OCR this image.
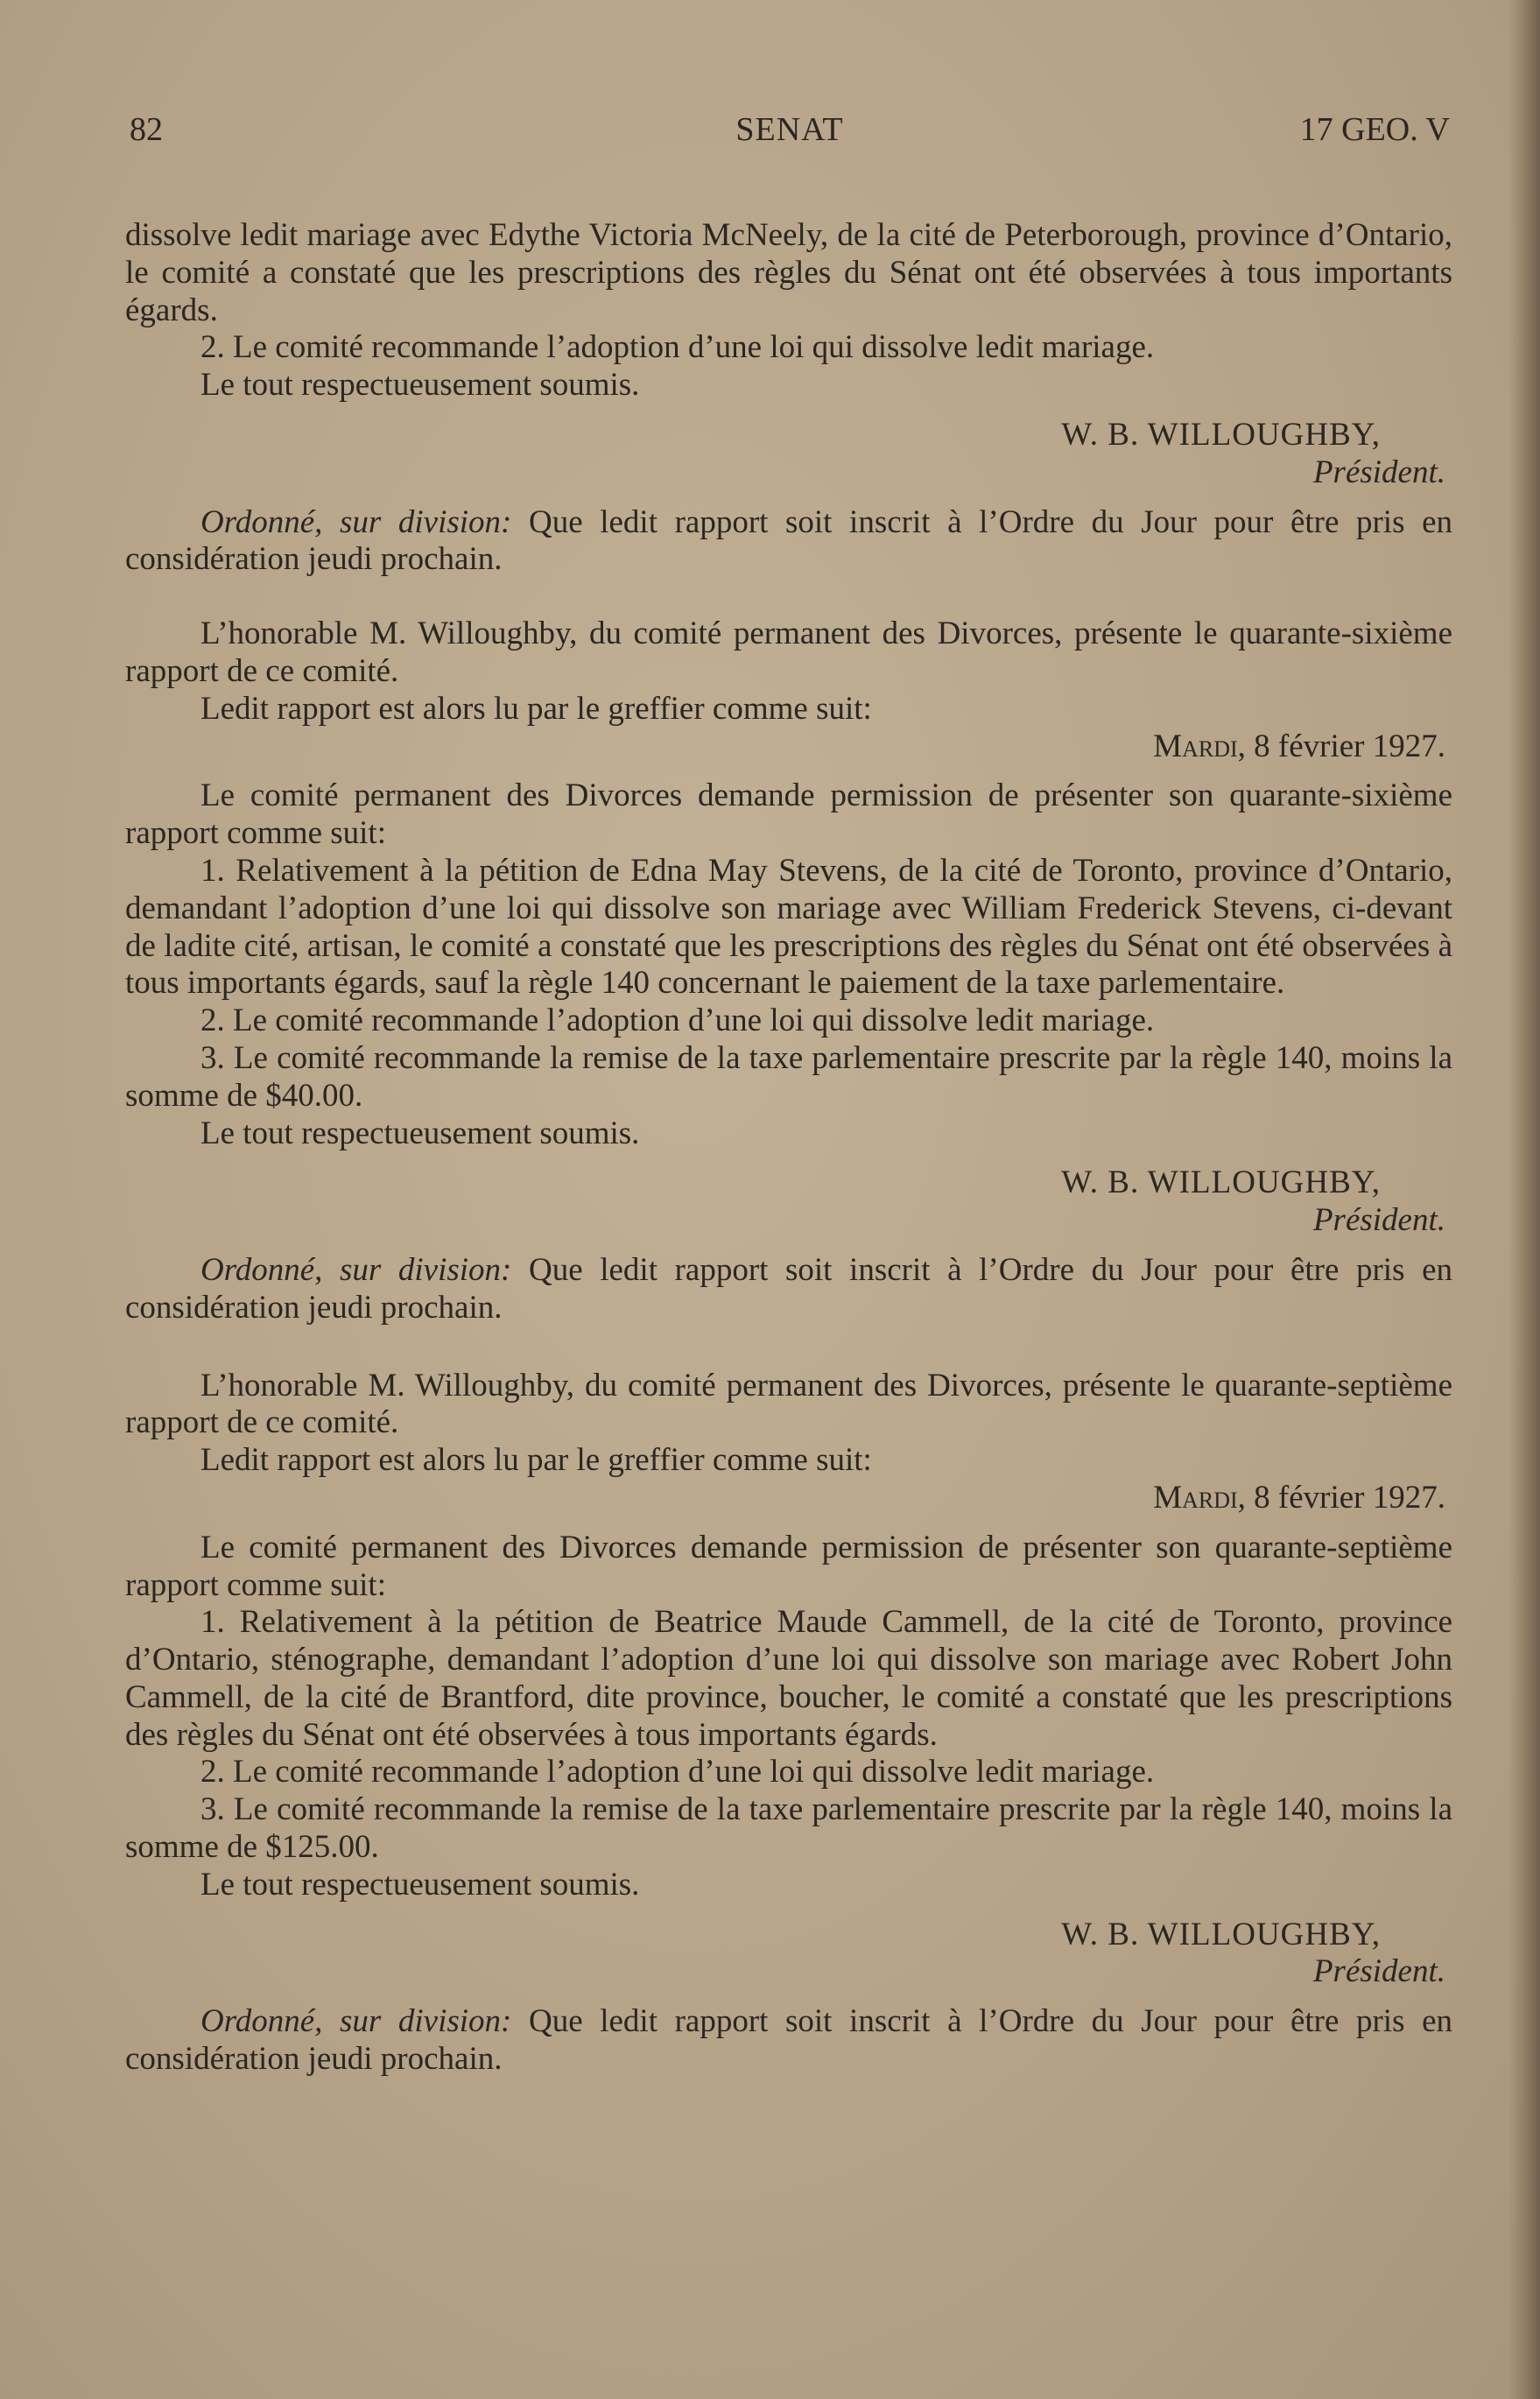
82	SENAT	17 GEO. V

dissolve ledit mariage avec Edythe Victoria McNeely, de la cité de Peterborough, province d’Ontario, le comité a constaté que les prescriptions des règles du Sénat ont été observées à tous importants égards.

2. Le comité recommande l’adoption d’une loi qui dissolve ledit mariage.

Le tout respectueusement soumis.

W. B. WILLOUGHBY,

Président.

Ordonné, sur division: Que ledit rapport soit inscrit à l’Ordre du Jour pour être pris en considération jeudi prochain.

L’honorable M. Willoughby, du comité permanent des Divorces, présente le quarante-sixième rapport de ce comité.

Ledit rapport est alors lu par le greffier comme suit:

Mardi, 8 février 1927.

Le comité permanent des Divorces demande permission de présenter son quarante-sixième rapport comme suit:

1. Relativement à la pétition de Edna May Stevens, de la cité de Toronto, province d’Ontario, demandant l’adoption d’une loi qui dissolve son mariage avec William Frederick Stevens, ci-devant de ladite cité, artisan, le comité a constaté que les prescriptions des règles du Sénat ont été observées à tous importants égards, sauf la règle 140 concernant le paiement de la taxe parlementaire.

2. Le comité recommande l’adoption d’une loi qui dissolve ledit mariage.

3. Le comité recommande la remise de la taxe parlementaire prescrite par la règle 140, moins la somme de $40.00.

Le tout respectueusement soumis.

W. B. WILLOUGHBY,

Président.

Ordonné, sur division: Que ledit rapport soit inscrit à l’Ordre du Jour pour être pris en considération jeudi prochain.

L’honorable M. Willoughby, du comité permanent des Divorces, présente le quarante-septième rapport de ce comité.

Ledit rapport est alors lu par le greffier comme suit:

Mardi, 8 février 1927.

Le comité permanent des Divorces demande permission de présenter son quarante-septième rapport comme suit:

1. Relativement à la pétition de Beatrice Maude Cammell, de la cité de Toronto, province d’Ontario, sténographe, demandant l’adoption d’une loi qui dissolve son mariage avec Robert John Cammell, de la cité de Brantford, dite province, boucher, le comité a constaté que les prescriptions des règles du Sénat ont été observées à tous importants égards.

2. Le comité recommande l’adoption d’une loi qui dissolve ledit mariage.

3. Le comité recommande la remise de la taxe parlementaire prescrite par la règle 140, moins la somme de $125.00.

Le tout respectueusement soumis.

W. B. WILLOUGHBY,

Président.

Ordonné, sur division: Que ledit rapport soit inscrit à l’Ordre du Jour pour être pris en considération jeudi prochain.
